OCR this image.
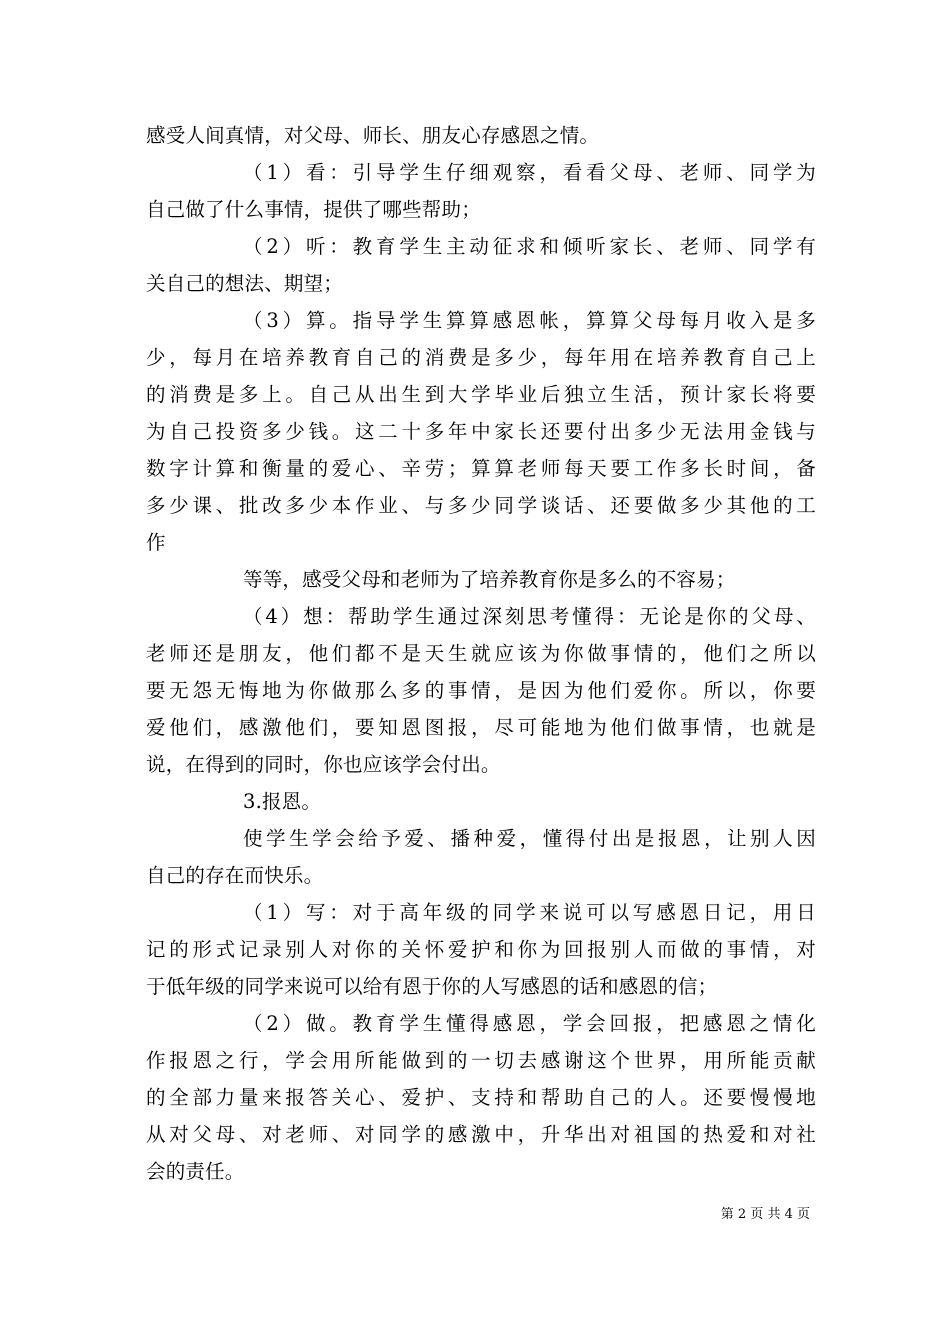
感受人间真情，对父母、师长、朋友心存感恩之情。
（1）看：引导学生仔细观察，看看父母、老师、同学为
自己做了什么事情，提供了哪些帮助；
（2）听：教育学生主动征求和倾听家长、老师、同学有
关自己的想法、期望；
（3）算。指导学生算算感恩帐，算算父母每月收入是多
少，每月在培养教育自己的消费是多少，每年用在培养教育自己上
的消费是多上。自己从出生到大学毕业后独立生活，预计家长将要
为自己投资多少钱。这二十多年中家长还要付出多少无法用金钱与
数字计算和衡量的爱心、辛劳；算算老师每天要工作多长时间，备
多少课、批改多少本作业、与多少同学谈话、还要做多少其他的工
作
等等，感受父母和老师为了培养教育你是多么的不容易；
（4）想：帮助学生通过深刻思考懂得：无论是你的父母、
老师还是朋友，他们都不是天生就应该为你做事情的，他们之所以
要无怨无悔地为你做那么多的事情，是因为他们爱你。所以，你要
爱他们，感激他们，要知恩图报，尽可能地为他们做事情，也就是
说，在得到的同时，你也应该学会付出。
3.报恩。
使学生学会给予爱、播种爱，懂得付出是报恩，让别人因
自己的存在而快乐。
（1）写：对于高年级的同学来说可以写感恩日记，用日
记的形式记录别人对你的关怀爱护和你为回报别人而做的事情，对
于低年级的同学来说可以给有恩于你的人写感恩的话和感恩的信；
（2）做。教育学生懂得感恩，学会回报，把感恩之情化
作报恩之行，学会用所能做到的一切去感谢这个世界，用所能贡献
的全部力量来报答关心、爱护、支持和帮助自己的人。还要慢慢地
从对父母、对老师、对同学的感激中，升华出对祖国的热爱和对社
会的责任。
第 2 页 共 4 页
